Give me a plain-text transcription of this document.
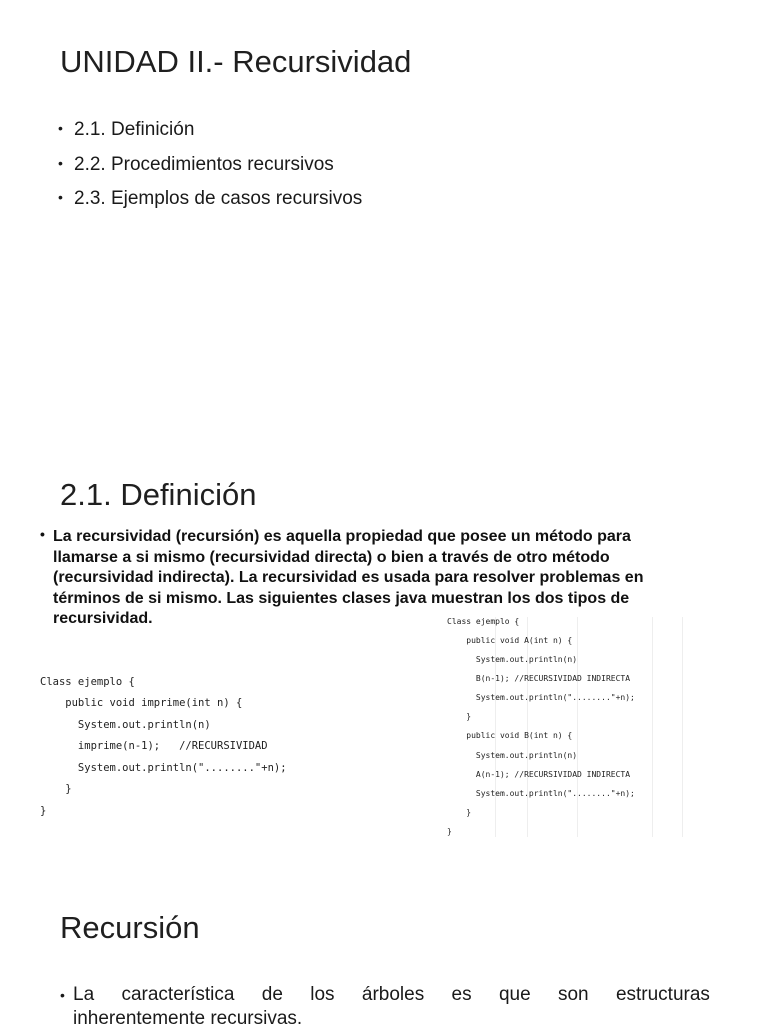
UNIDAD II.- Recursividad
• 2.1. Definición
• 2.2. Procedimientos recursivos
• 2.3. Ejemplos de casos recursivos
2.1. Definición
• La recursividad (recursión) es aquella propiedad que posee un método para
llamarse a si mismo (recursividad directa) o bien a través de otro método
(recursividad indirecta). La recursividad es usada para resolver problemas en
términos de si mismo. Las siguientes clases java muestran los dos tipos de
recursividad.
Class ejemplo {
public void imprime(int n) {
System.out.println(n)
imprime(n-1);   //RECURSIVIDAD
System.out.println("........"+n);
}
}
Class ejemplo {
public void A(int n) {
System.out.println(n)
B(n-1); //RECURSIVIDAD INDIRECTA
System.out.println("........"+n);
}
public void B(int n) {
System.out.println(n)
A(n-1); //RECURSIVIDAD INDIRECTA
System.out.println("........"+n);
}
}
Recursión
• La característica de los árboles es que son estructuras
inherentemente recursivas.
